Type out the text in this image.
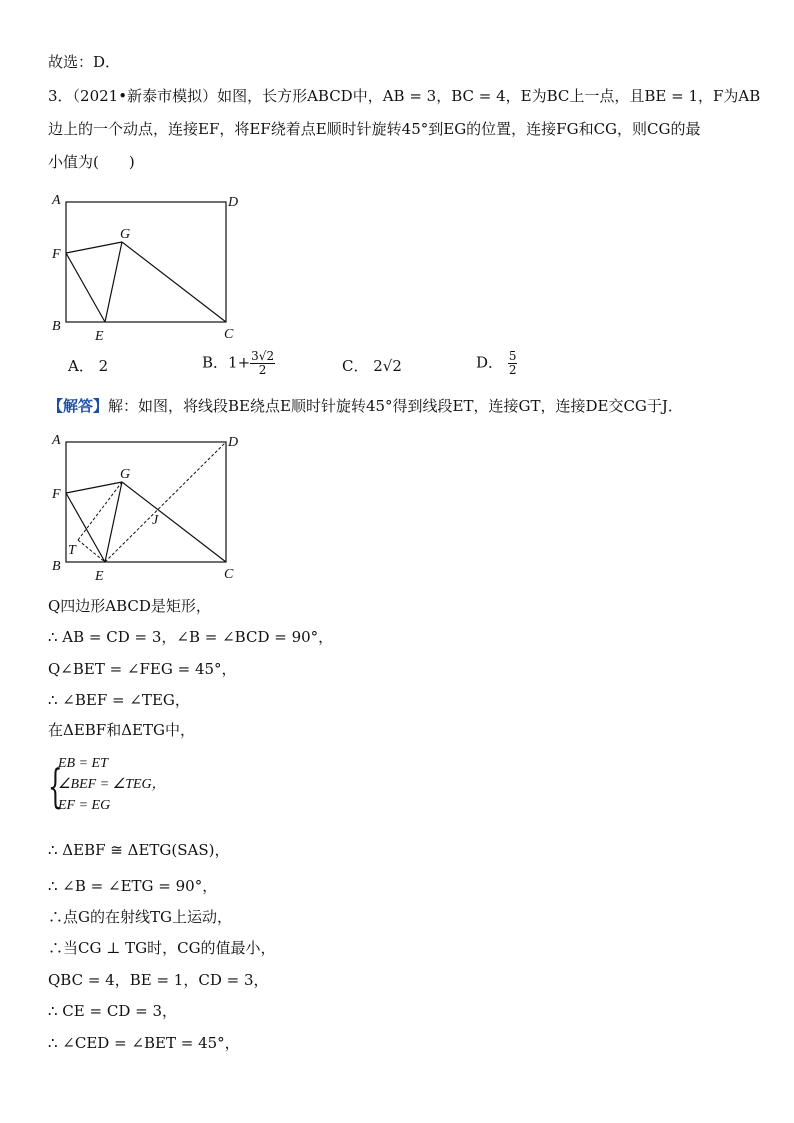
故选：D．
3．（2021•新泰市模拟）如图，长方形ABCD中，AB = 3，BC = 4，E为BC上一点，且BE = 1，F为AB
边上的一个动点，连接EF，将EF绕着点E顺时针旋转45°到EG的位置，连接FG和CG，则CG的最
小值为(　　)
A	D
F
G
B
E	C
A． 2	B．$1+ \frac{3√2}{2}$	C． 2√2	D． $\frac{5}{2}$
【解答】解：如图，将线段BE绕点E顺时针旋转45°得到线段ET，连接GT，连接DE交CG于J．
A	D
F
G
J
T
B
E	C
Q四边形ABCD是矩形，
∴ AB = CD = 3，∠B = ∠BCD = 90°，
Q∠BET = ∠FEG = 45°，
∴ ∠BEF = ∠TEG，
在ΔEBF和ΔETG中，
{
EB = ET
∠BEF = ∠TEG，
EF = EG
∴ ΔEBF ≅ ΔETG(SAS)，
∴ ∠B = ∠ETG = 90°，
∴点G的在射线TG上运动，
∴当CG ⊥ TG时，CG的值最小，
QBC = 4，BE = 1，CD = 3，
∴ CE = CD = 3，
∴ ∠CED = ∠BET = 45°，
